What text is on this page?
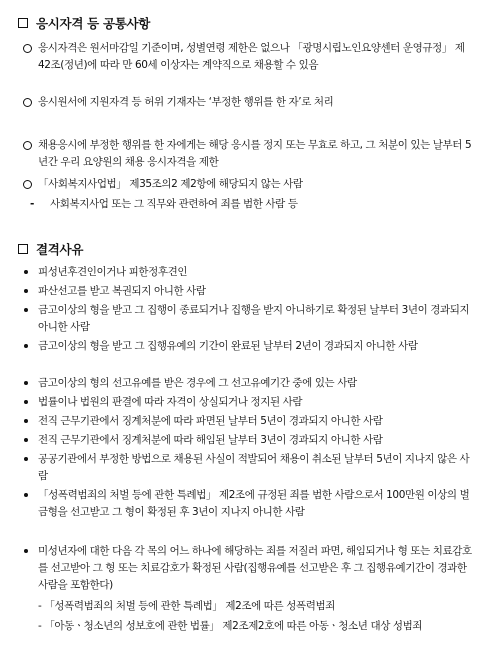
응시자격 등 공통사항
응시자격은 원서마감일 기준이며, 성별연령 제한은 없으나 「광명시립노인요양센터 운영규정」 제42조(정년)에 따라 만 60세 이상자는 계약직으로 채용할 수 있음
응시원서에 지원자격 등 허위 기재자는 ‘부정한 행위를 한 자’로 처리
채용응시에 부정한 행위를 한 자에게는 해당 응시를 정지 또는 무효로 하고, 그 처분이 있는 날부터 5년간 우리 요양원의 채용 응시자격을 제한
「사회복지사업법」 제35조의2 제2항에 해당되지 않는 사람
-	사회복지사업 또는 그 직무와 관련하여 죄를 범한 사람 등
결격사유
피성년후견인이거나 피한정후견인
파산선고를 받고 복권되지 아니한 사람
금고이상의 형을 받고 그 집행이 종료되거나 집행을 받지 아니하기로 확정된 날부터 3년이 경과되지 아니한 사람
금고이상의 형을 받고 그 집행유예의 기간이 완료된 날부터 2년이 경과되지 아니한 사람
금고이상의 형의 선고유예를 받은 경우에 그 선고유예기간 중에 있는 사람
법률이나 법원의 판결에 따라 자격이 상실되거나 정지된 사람
전직 근무기관에서 징계처분에 따라 파면된 날부터 5년이 경과되지 아니한 사람
전직 근무기관에서 징계처분에 따라 해임된 날부터 3년이 경과되지 아니한 사람
공공기관에서 부정한 방법으로 채용된 사실이 적발되어 채용이 취소된 날부터 5년이 지나지 않은 사람
「성폭력범죄의 처벌 등에 관한 특례법」 제2조에 규정된 죄를 범한 사람으로서 100만원 이상의 벌금형을 선고받고 그 형이 확정된 후 3년이 지나지 아니한 사람
미성년자에 대한 다음 각 목의 어느 하나에 해당하는 죄를 저질러 파면, 해임되거나 형 또는 치료감호를 선고받아 그 형 또는 치료감호가 확정된 사람(집행유예를 선고받은 후 그 집행유예기간이 경과한 사람을 포함한다)
- 「성폭력범죄의 처벌 등에 관한 특례법」 제2조에 따른 성폭력범죄
- 「아동ㆍ청소년의 성보호에 관한 법률」 제2조제2호에 따른 아동ㆍ청소년 대상 성범죄
